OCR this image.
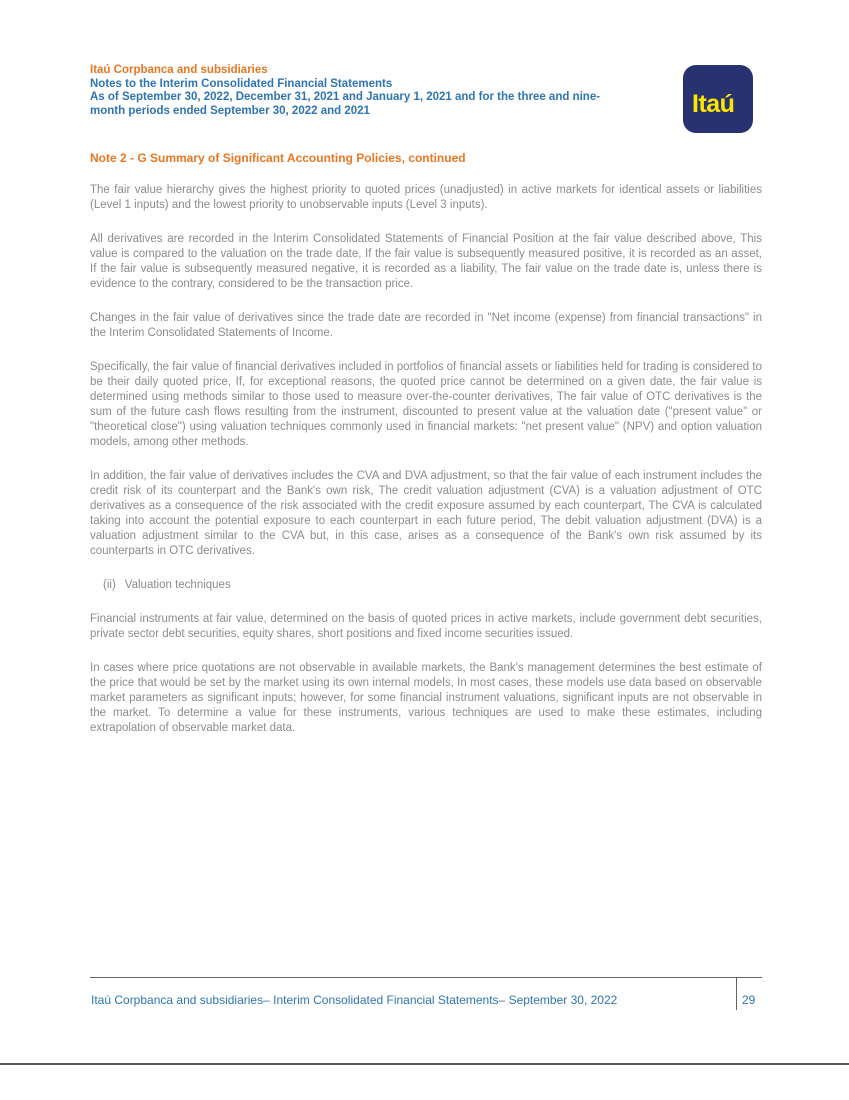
Itaú Corpbanca and subsidiaries
Notes to the Interim Consolidated Financial Statements
As of September 30, 2022, December 31, 2021 and January 1, 2021 and for the three and nine-
month periods ended September 30, 2022 and 2021	Itaú
Note 2 - G Summary of Significant Accounting Policies, continued

The fair value hierarchy gives the highest priority to quoted prices (unadjusted) in active markets for identical assets or liabilities (Level 1 inputs) and the lowest priority to unobservable inputs (Level 3 inputs).

All derivatives are recorded in the Interim Consolidated Statements of Financial Position at the fair value described above, This value is compared to the valuation on the trade date, If the fair value is subsequently measured positive, it is recorded as an asset, If the fair value is subsequently measured negative, it is recorded as a liability, The fair value on the trade date is, unless there is evidence to the contrary, considered to be the transaction price.

Changes in the fair value of derivatives since the trade date are recorded in "Net income (expense) from financial transactions" in the Interim Consolidated Statements of Income.

Specifically, the fair value of financial derivatives included in portfolios of financial assets or liabilities held for trading is considered to be their daily quoted price, If, for exceptional reasons, the quoted price cannot be determined on a given date, the fair value is determined using methods similar to those used to measure over-the-counter derivatives, The fair value of OTC derivatives is the sum of the future cash flows resulting from the instrument, discounted to present value at the valuation date ("present value" or "theoretical close") using valuation techniques commonly used in financial markets: "net present value" (NPV) and option valuation models, among other methods.

In addition, the fair value of derivatives includes the CVA and DVA adjustment, so that the fair value of each instrument includes the credit risk of its counterpart and the Bank's own risk, The credit valuation adjustment (CVA) is a valuation adjustment of OTC derivatives as a consequence of the risk associated with the credit exposure assumed by each counterpart, The CVA is calculated taking into account the potential exposure to each counterpart in each future period, The debit valuation adjustment (DVA) is a valuation adjustment similar to the CVA but, in this case, arises as a consequence of the Bank's own risk assumed by its counterparts in OTC derivatives.

(ii) Valuation techniques

Financial instruments at fair value, determined on the basis of quoted prices in active markets, include government debt securities, private sector debt securities, equity shares, short positions and fixed income securities issued.

In cases where price quotations are not observable in available markets, the Bank's management determines the best estimate of the price that would be set by the market using its own internal models, In most cases, these models use data based on observable market parameters as significant inputs; however, for some financial instrument valuations, significant inputs are not observable in the market. To determine a value for these instruments, various techniques are used to make these estimates, including extrapolation of observable market data.

Itaú Corpbanca and subsidiaries– Interim Consolidated Financial Statements– September 30, 2022	29
